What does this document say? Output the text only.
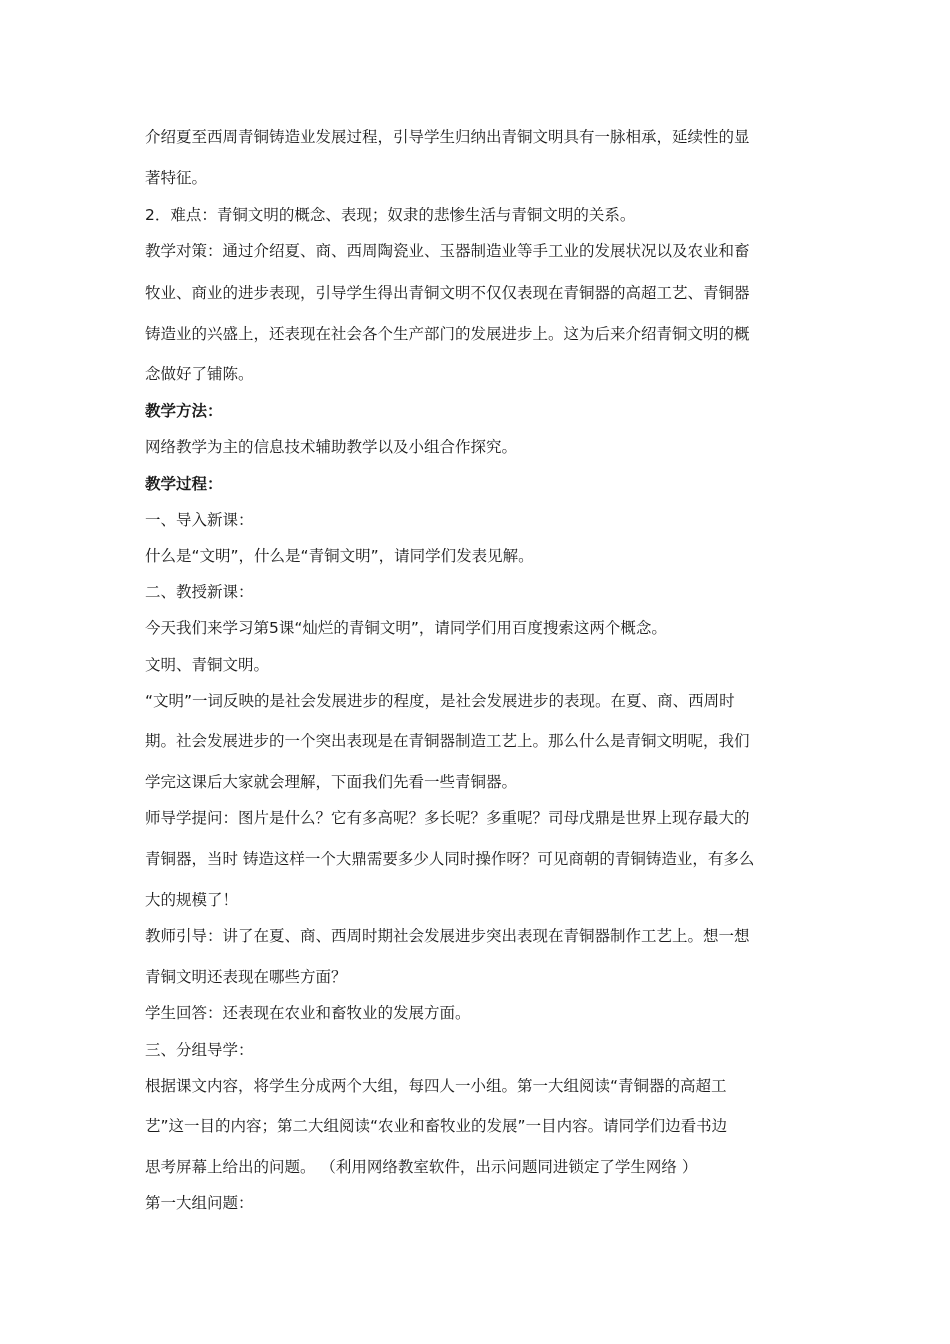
介绍夏至西周青铜铸造业发展过程，引导学生归纳出青铜文明具有一脉相承，延续性的显
著特征。
2．难点：青铜文明的概念、表现；奴隶的悲惨生活与青铜文明的关系。
教学对策：通过介绍夏、商、西周陶瓷业、玉器制造业等手工业的发展状况以及农业和畜
牧业、商业的进步表现，引导学生得出青铜文明不仅仅表现在青铜器的高超工艺、青铜器
铸造业的兴盛上，还表现在社会各个生产部门的发展进步上。这为后来介绍青铜文明的概
念做好了铺陈。
教学方法：
网络教学为主的信息技术辅助教学以及小组合作探究。
教学过程：
一、导入新课：
什么是“文明”，什么是“青铜文明”，请同学们发表见解。
二、教授新课：
今天我们来学习第5课“灿烂的青铜文明”，请同学们用百度搜索这两个概念。
文明、青铜文明。
“文明”一词反映的是社会发展进步的程度，是社会发展进步的表现。在夏、商、西周时
期。社会发展进步的一个突出表现是在青铜器制造工艺上。那么什么是青铜文明呢，我们
学完这课后大家就会理解，下面我们先看一些青铜器。
师导学提问：图片是什么？它有多高呢？多长呢？多重呢？司母戊鼎是世界上现存最大的
青铜器，当时 铸造这样一个大鼎需要多少人同时操作呀？可见商朝的青铜铸造业，有多么
大的规模了！
教师引导：讲了在夏、商、西周时期社会发展进步突出表现在青铜器制作工艺上。想一想
青铜文明还表现在哪些方面？
学生回答：还表现在农业和畜牧业的发展方面。
三、分组导学：
根据课文内容，将学生分成两个大组，每四人一小组。第一大组阅读“青铜器的高超工
艺”这一目的内容；第二大组阅读“农业和畜牧业的发展”一目内容。请同学们边看书边
思考屏幕上给出的问题。 （利用网络教室软件，出示问题同进锁定了学生网络 ）
第一大组问题：
